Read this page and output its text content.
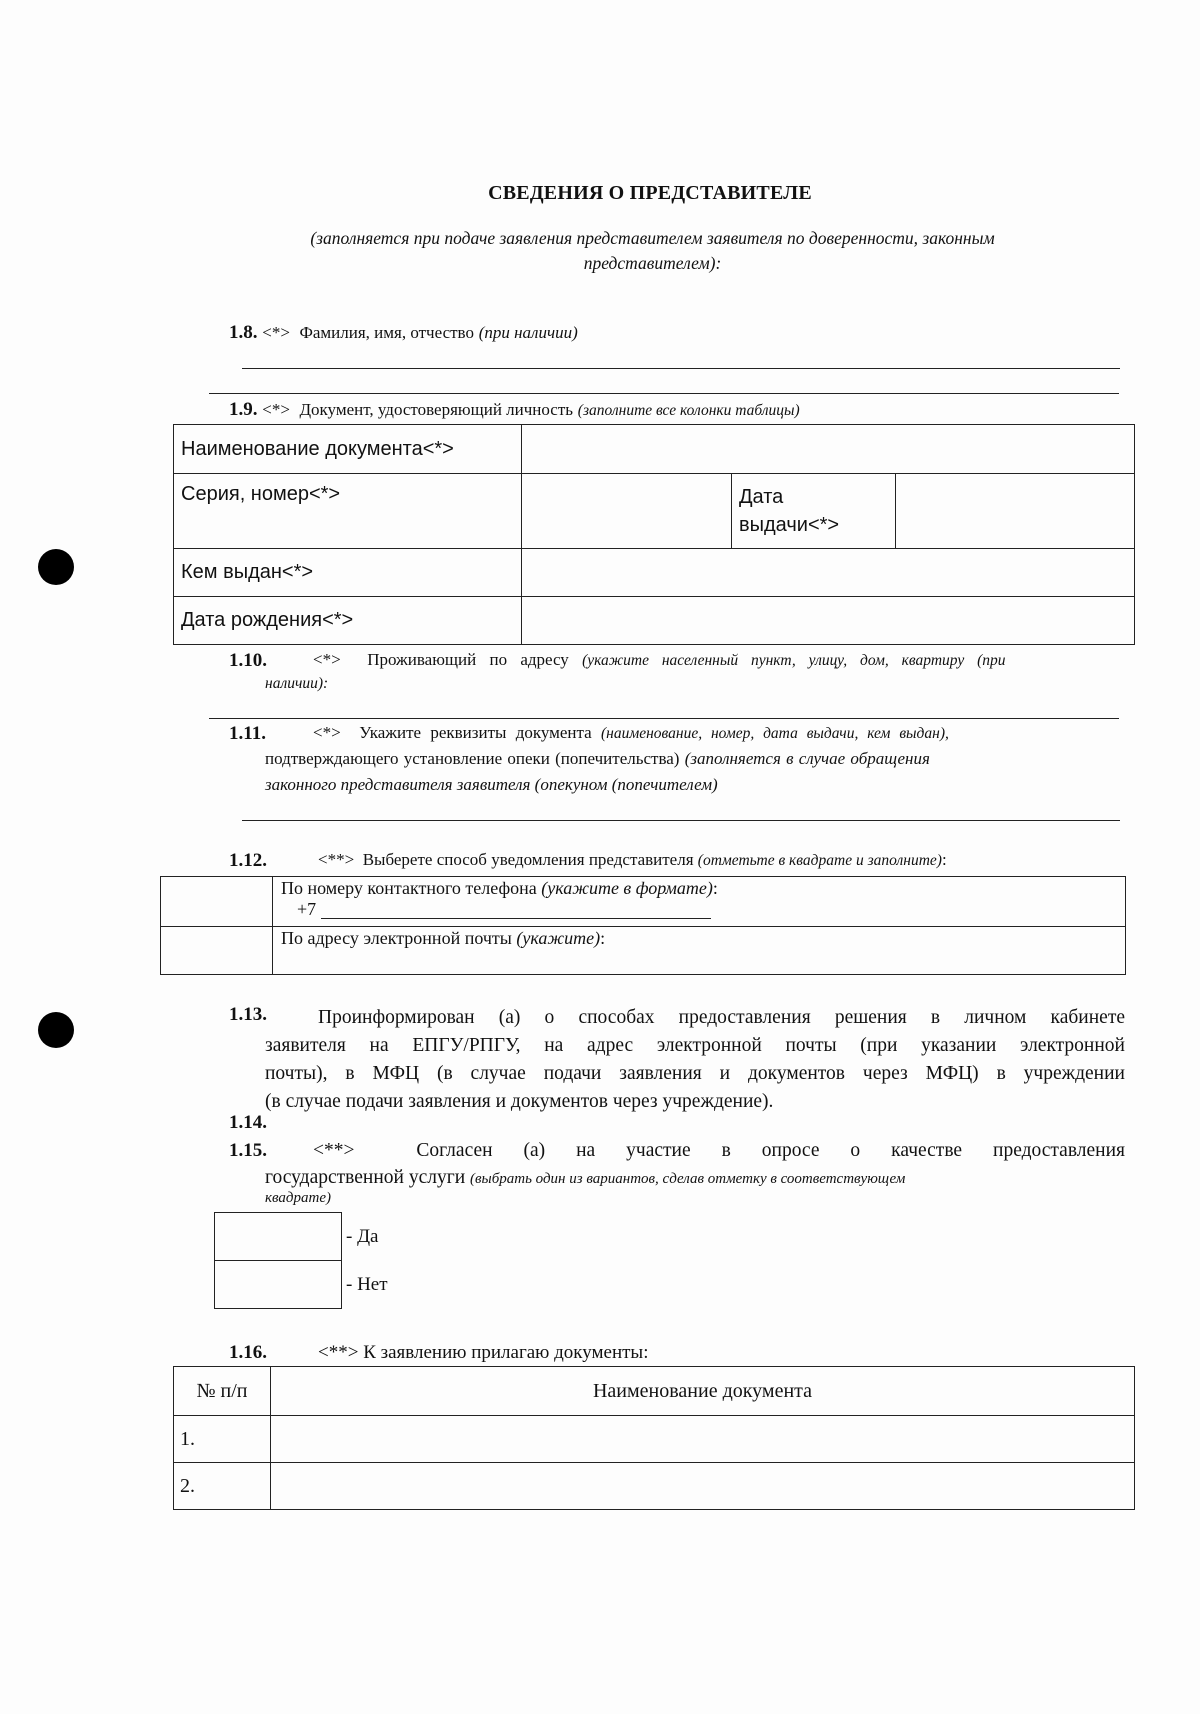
СВЕДЕНИЯ О ПРЕДСТАВИТЕЛЕ
(заполняется при подаче заявления представителем заявителя по доверенности, законным
представителем):
1.8. <*> Фамилия, имя, отчество (при наличии)
1.9. <*> Документ, удостоверяющий личность (заполните все колонки таблицы)
Наименование документа<*>			
Серия, номер<*>		Дата
выдачи<*>	

Кем выдан<*>			
Дата рождения<*>			
1.10.	<*> Проживающий по адресу (укажите населенный пункт, улицу, дом, квартиру (при
наличии):
1.11.	<*> Укажите реквизиты документа (наименование, номер, дата выдачи, кем выдан),
подтверждающего установление опеки (попечительства) (заполняется в случае обращения
законного представителя заявителя (опекуном (попечителем)
1.12.	<**> Выберете способ уведомления представителя (отметьте в квадрате и заполните):

	По номеру контактного телефона (укажите в формате):
+7

	По адресу электронной почты (укажите):
1.13.	Проинформирован (а) о способах предоставления решения в личном кабинете
заявителя на ЕПГУ/РПГУ, на адрес электронной почты (при указании электронной
почты), в МФЦ (в случае подачи заявления и документов через МФЦ) в учреждении
(в случае подачи заявления и документов через учреждение).
1.14.
1.15. <**>	Согласен (а) на участие в опросе о качестве предоставления
государственной услуги (выбрать один из вариантов, сделав отметку в соответствующем
квадрате)
- Да
- Нет
1.16.	<**> К заявлению прилагаю документы:
№ п/п	Наименование документа
1.	
2.	
